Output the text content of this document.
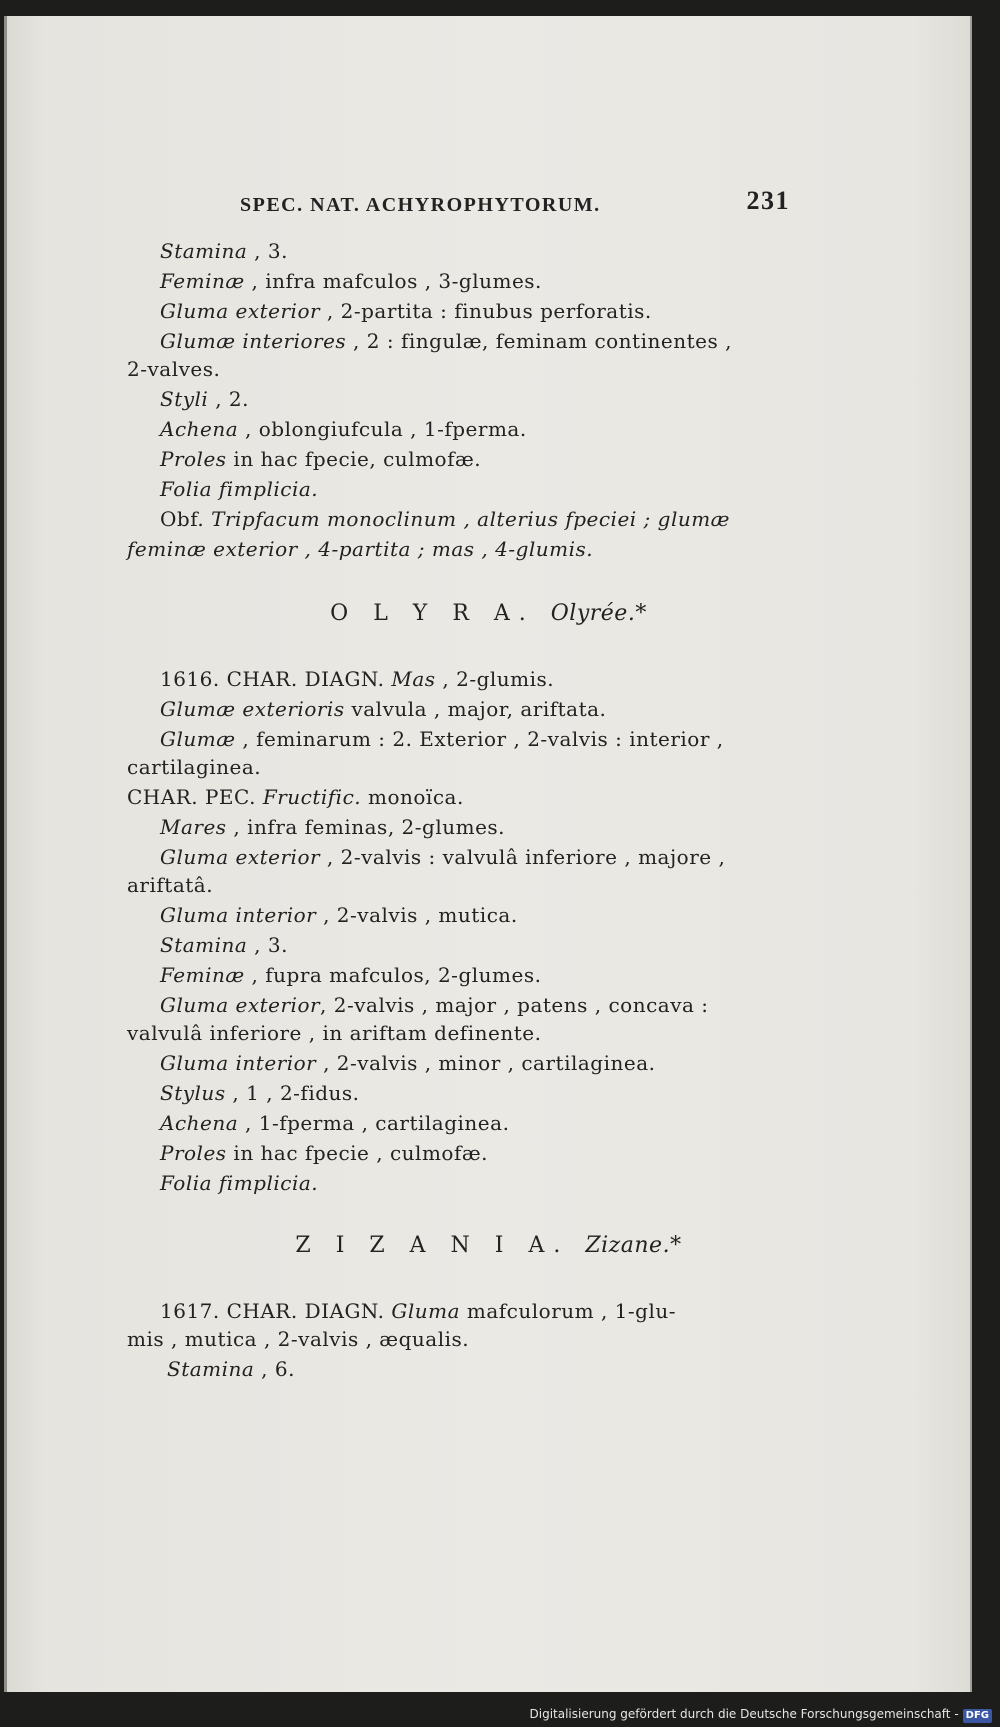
SPEC. NAT. ACHYROPHYTORUM.	231
Stamina , 3.
Feminæ , infra mafculos , 3-glumes.
Gluma exterior , 2-partita : finubus perforatis.
Glumæ interiores , 2 : fingulæ, feminam continentes ,
2-valves.
Styli , 2.
Achena , oblongiufcula , 1-fperma.
Proles in hac fpecie, culmofæ.
Folia fimplicia.
Obf. Tripfacum monoclinum , alterius fpeciei ; glumæ
feminæ exterior , 4-partita ; mas , 4-glumis.
O L Y R A. Olyrée.*
1616. CHAR. DIAGN. Mas , 2-glumis.
Glumæ exterioris valvula , major, ariftata.
Glumæ , feminarum : 2. Exterior , 2-valvis : interior ,
cartilaginea.
CHAR. PEC. Fructific. monoïca.
Mares , infra feminas, 2-glumes.
Gluma exterior , 2-valvis : valvulâ inferiore , majore ,
ariftatâ.
Gluma interior , 2-valvis , mutica.
Stamina , 3.
Feminæ , fupra mafculos, 2-glumes.
Gluma exterior, 2-valvis , major , patens , concava :
valvulâ inferiore , in ariftam definente.
Gluma interior , 2-valvis , minor , cartilaginea.
Stylus , 1 , 2-fidus.
Achena , 1-fperma , cartilaginea.
Proles in hac fpecie , culmofæ.
Folia fimplicia.
Z I Z A N I A. Zizane.*
1617. CHAR. DIAGN. Gluma mafculorum , 1-glu-
mis , mutica , 2-valvis , æqualis.
Stamina , 6.
Digitalisierung gefördert durch die Deutsche Forschungsgemeinschaft - DFG
